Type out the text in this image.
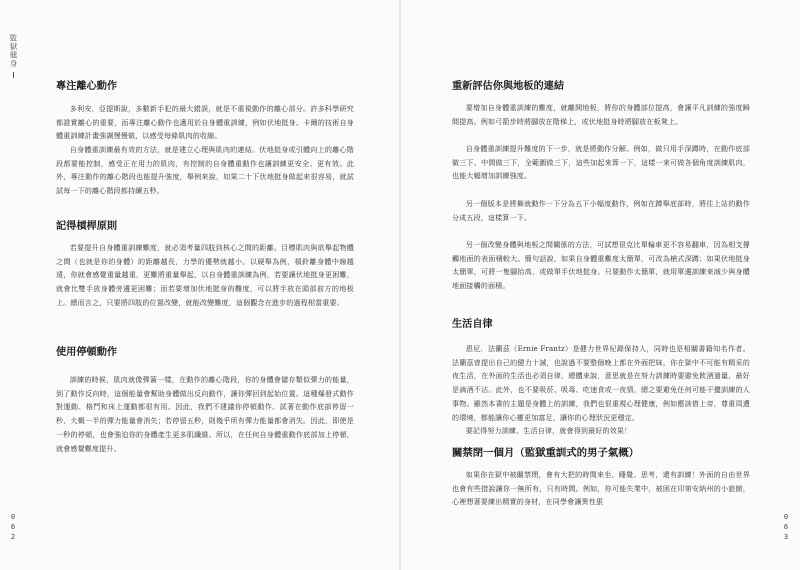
監獄健身
專注離心動作

多利安．亞提斯說，多數新手犯的最大錯誤，就是不重視動作的離心部分。許多科學研究都證實離心的重要，而專注離心動作也適用於自身體重訓練，例如伏地挺身。卡爾的技術自身體重訓練計畫強調慢慢做，以感受每條肌肉的收縮。

自身體重訓練最有效的方法，就是建立心理與肌肉的連結。伏地挺身或引體向上的離心階段都要能控制，感受正在用力的肌肉，有控制的自身體重動作也讓訓練更安全、更有效。此外，專注動作的離心階段也能提升強度，舉例來說，如果二十下伏地挺身做起來很容易，就試試每一下的離心階段都持續五秒。

記得槓桿原則

若要提升自身體重訓練難度，就必須考量四肢到核心之間的距離。目標肌肉與欲舉起物體之間（也就是你的身體）的距離越長，力學的優勢就越小。以硬舉為例，槓鈴離身體中線越遠，你就會感覺重量越重，更難將重量舉起，以自身體重訓練為例，若要讓伏地挺身更困難，就會比雙手放身體旁邊更困難；而若要增加伏地挺身的難度，可以將手放在頭部前方的地板上。總而言之，只要將四肢的位置改變，就能改變難度，這個觀念在進步的過程相當重要。

使用停頓動作

訓練的時候，肌肉就像彈簧一樣，在動作的離心階段，你的身體會儲存類似彈力的能量，到了動作反向時，這個能量會幫助身體做出反向動作，讓你彈回到起始位置。這種爆發式動作對運動、格鬥和床上運動都很有用。因此，我們不建議你停頓動作。試著在動作底部停留一秒，大概一半的彈力能量會消失；若停留五秒，則幾乎所有彈力能量都會消失。因此，即使是一秒的停頓，也會強迫你的身體產生更多肌纖維。所以，在任何自身體重動作底部加上停頓，就會感覺難度提升。

0
6
2
重新評估你與地板的連結

要增加自身體重訓練的難度，就離開地板，將你的身體部位提高，會讓平凡訓練的強度瞬間提高。例如弓箭步時將腳放在階梯上，或伏地挺身時將腳放在板凳上。

自身體重訓練提升難度的下一步，就是將動作分解。例如，做只用手深蹲時，在動作底部做三下、中間做三下，全範圍做三下，這些加起來算一下，這樣一來可做各個角度訓練肌肉，也能大幅增加訓練強度。

另一個版本是將舞就動作一下分為五下小幅度動作，例如在蹲舉底部時，將往上站的動作分成五段，這樣算一下。

另一個改變身體與地板之間關係的方法，可試想很克比單輪車更不容易翻車，因為相支撐觸地面的表面積較大。簡句話說，如果自身體重難度太簡單，可改為槍式深蹲；如果伏地挺身太簡單，可將一隻腳抬高，或做單手伏地挺身。只要動作太簡單，就用單邊訓練來減少與身體地面接觸的面積。

生活自律

恩尼．法蘭茲（Ernie Frantz）是健力世界紀錄保持人，同時也是相關書籍知名作者。法蘭茲曾提出自己的健力十誡，也說過不要整個晚上都在外面把妹，你在獄中不可能有精采的夜生活，在外面的生活也必須自律，總體來說，意思就是在努力訓練時要避免飲酒過量，最好是滴酒不沾。此外，也不要吸菸、吸毒、吃速食或一夜情，總之要避免任何可能干擾訓練的人事物。雖然本書的主題是身體上的訓練，我們也很重視心理健康，例如應該借上帝，尊重周遭的環境，都能讓你心靈更加富足，讓你的心理狀況更穩定。

要記得努力訓練、生活自律，就會得到最好的效果！

關禁閉一個月（監獄重訓式的男子氣概）

如果你在獄中被關禁閉，會有大把的時間來坐、睡覺、思考，還有訓練！外面的自由世界也會有些措說讓你一無所有，只有時間。例如，你可能失業中，被困在印第安納州的小旅館，心裡想著要練出精實的身材，在同學會讓異性狠

0
6
3
